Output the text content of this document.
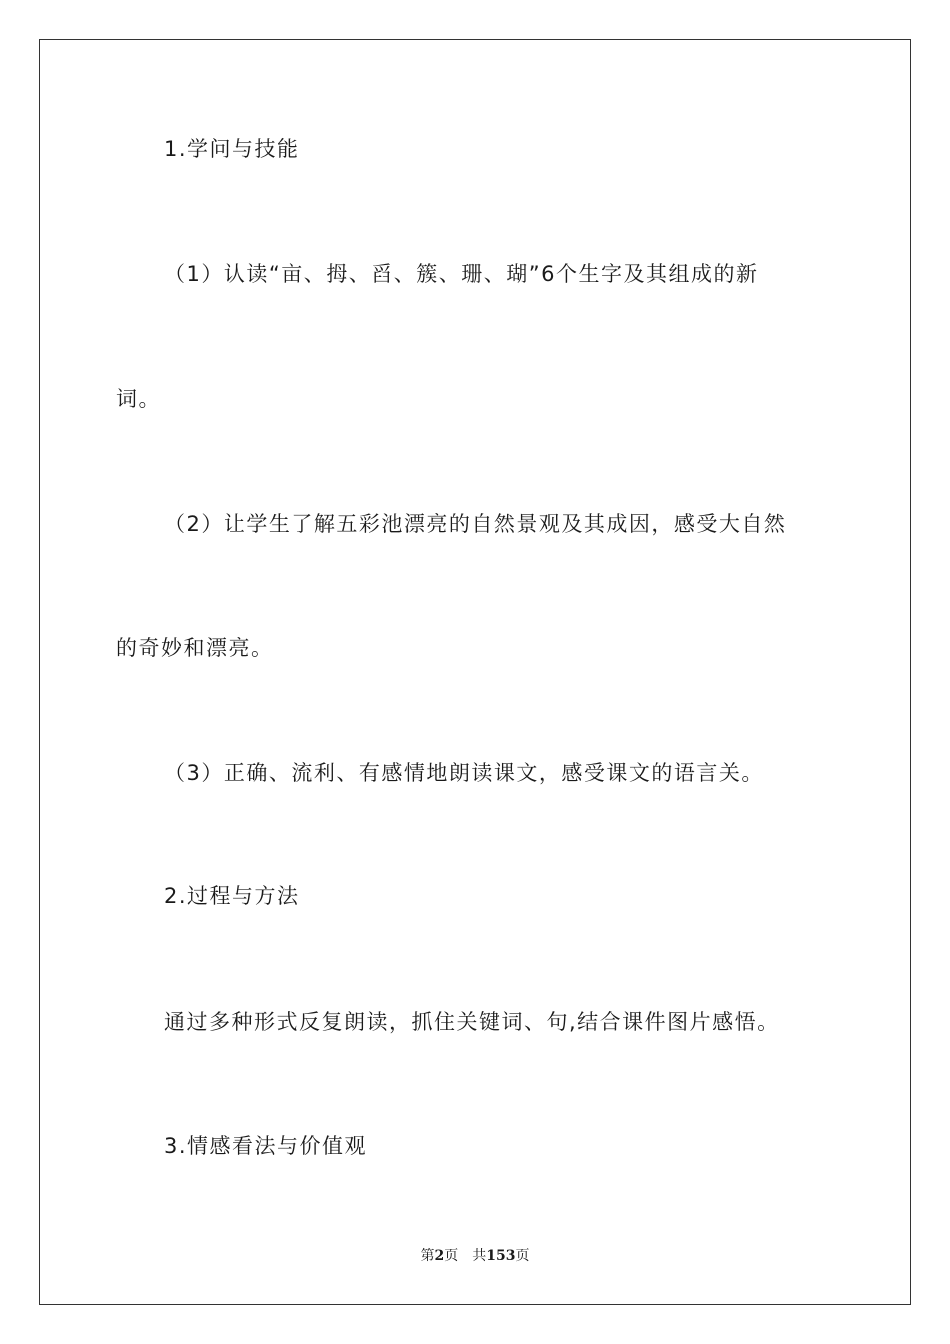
1.学问与技能
（1）认读“亩、拇、舀、簇、珊、瑚”6个生字及其组成的新
词。
（2）让学生了解五彩池漂亮的自然景观及其成因，感受大自然
的奇妙和漂亮。
（3）正确、流利、有感情地朗读课文，感受课文的语言关。
2.过程与方法
通过多种形式反复朗读，抓住关键词、句,结合课件图片感悟。
3.情感看法与价值观
第2页 共153页
